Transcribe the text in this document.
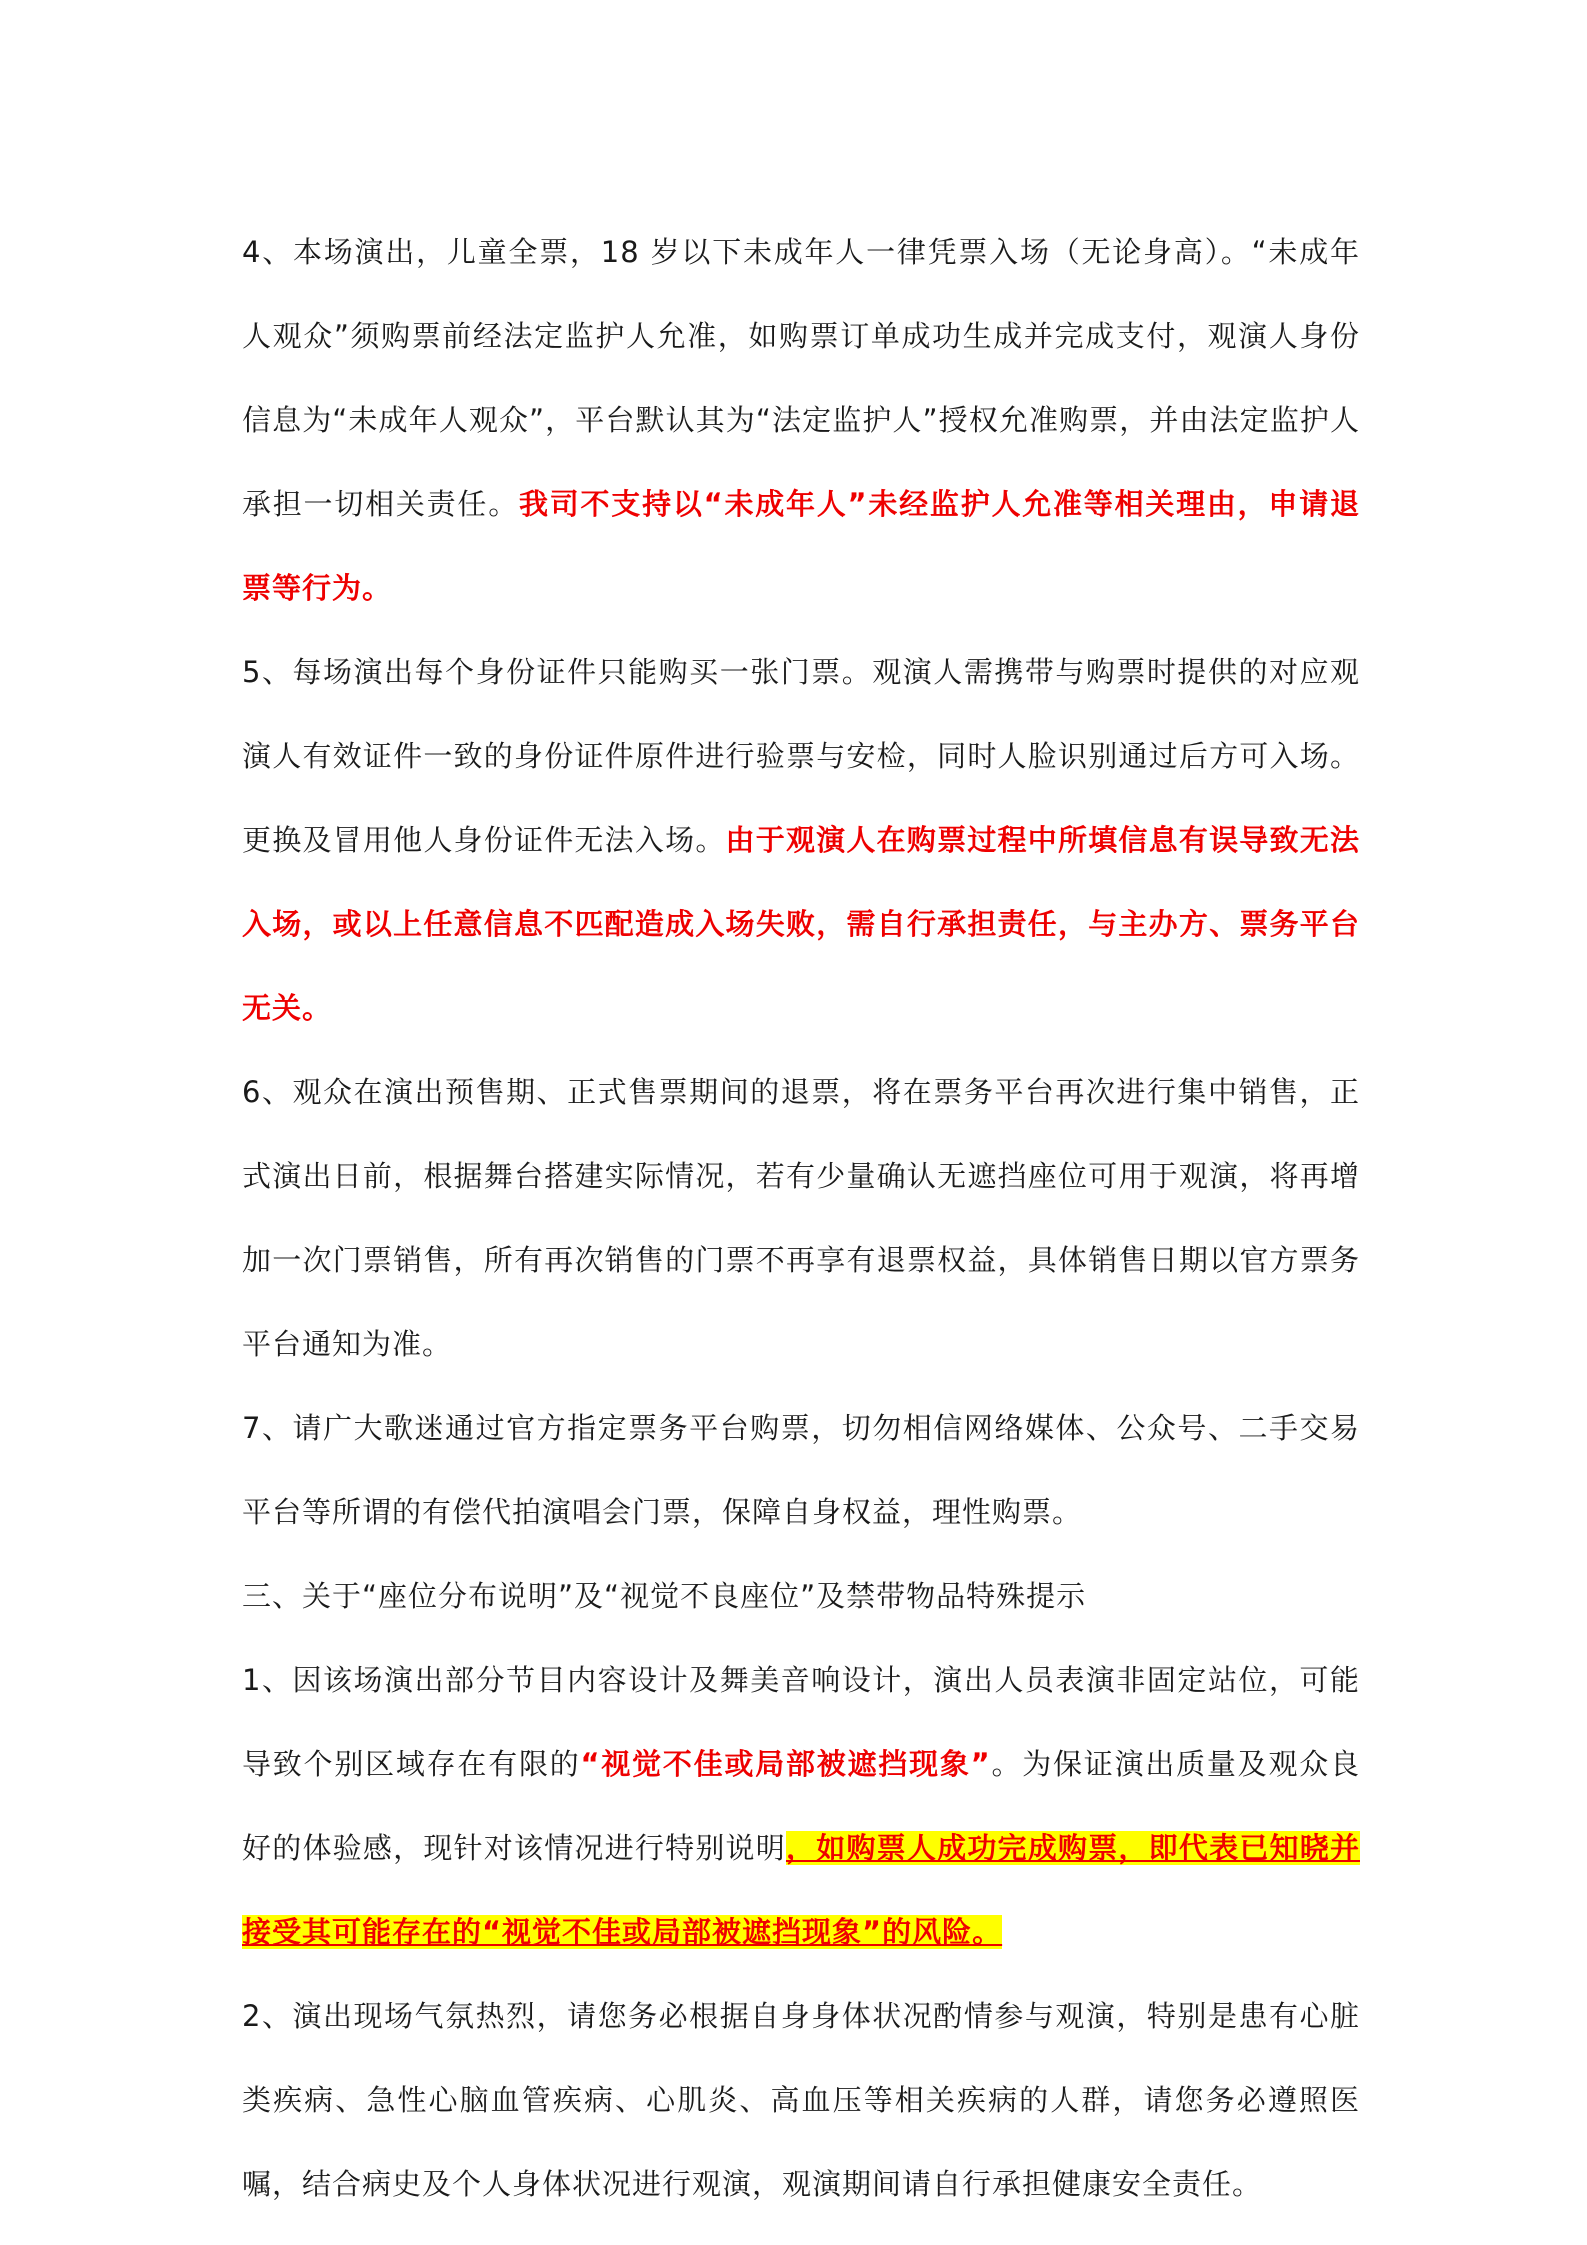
4、本场演出，儿童全票，18 岁以下未成年人一律凭票入场（无论身高）。“未成年人观众”须购票前经法定监护人允准，如购票订单成功生成并完成支付，观演人身份信息为“未成年人观众”，平台默认其为“法定监护人”授权允准购票，并由法定监护人承担一切相关责任。我司不支持以“未成年人”未经监护人允准等相关理由，申请退票等行为。

5、每场演出每个身份证件只能购买一张门票。观演人需携带与购票时提供的对应观演人有效证件一致的身份证件原件进行验票与安检，同时人脸识别通过后方可入场。更换及冒用他人身份证件无法入场。由于观演人在购票过程中所填信息有误导致无法入场，或以上任意信息不匹配造成入场失败，需自行承担责任，与主办方、票务平台无关。

6、观众在演出预售期、正式售票期间的退票，将在票务平台再次进行集中销售，正式演出日前，根据舞台搭建实际情况，若有少量确认无遮挡座位可用于观演，将再增加一次门票销售，所有再次销售的门票不再享有退票权益，具体销售日期以官方票务平台通知为准。

7、请广大歌迷通过官方指定票务平台购票，切勿相信网络媒体、公众号、二手交易平台等所谓的有偿代拍演唱会门票，保障自身权益，理性购票。

三、关于“座位分布说明”及“视觉不良座位”及禁带物品特殊提示

1、因该场演出部分节目内容设计及舞美音响设计，演出人员表演非固定站位，可能导致个别区域存在有限的“视觉不佳或局部被遮挡现象”。为保证演出质量及观众良好的体验感，现针对该情况进行特别说明，如购票人成功完成购票，即代表已知晓并接受其可能存在的“视觉不佳或局部被遮挡现象”的风险。

2、演出现场气氛热烈，请您务必根据自身身体状况酌情参与观演，特别是患有心脏类疾病、急性心脑血管疾病、心肌炎、高血压等相关疾病的人群，请您务必遵照医嘱，结合病史及个人身体状况进行观演，观演期间请自行承担健康安全责任。
